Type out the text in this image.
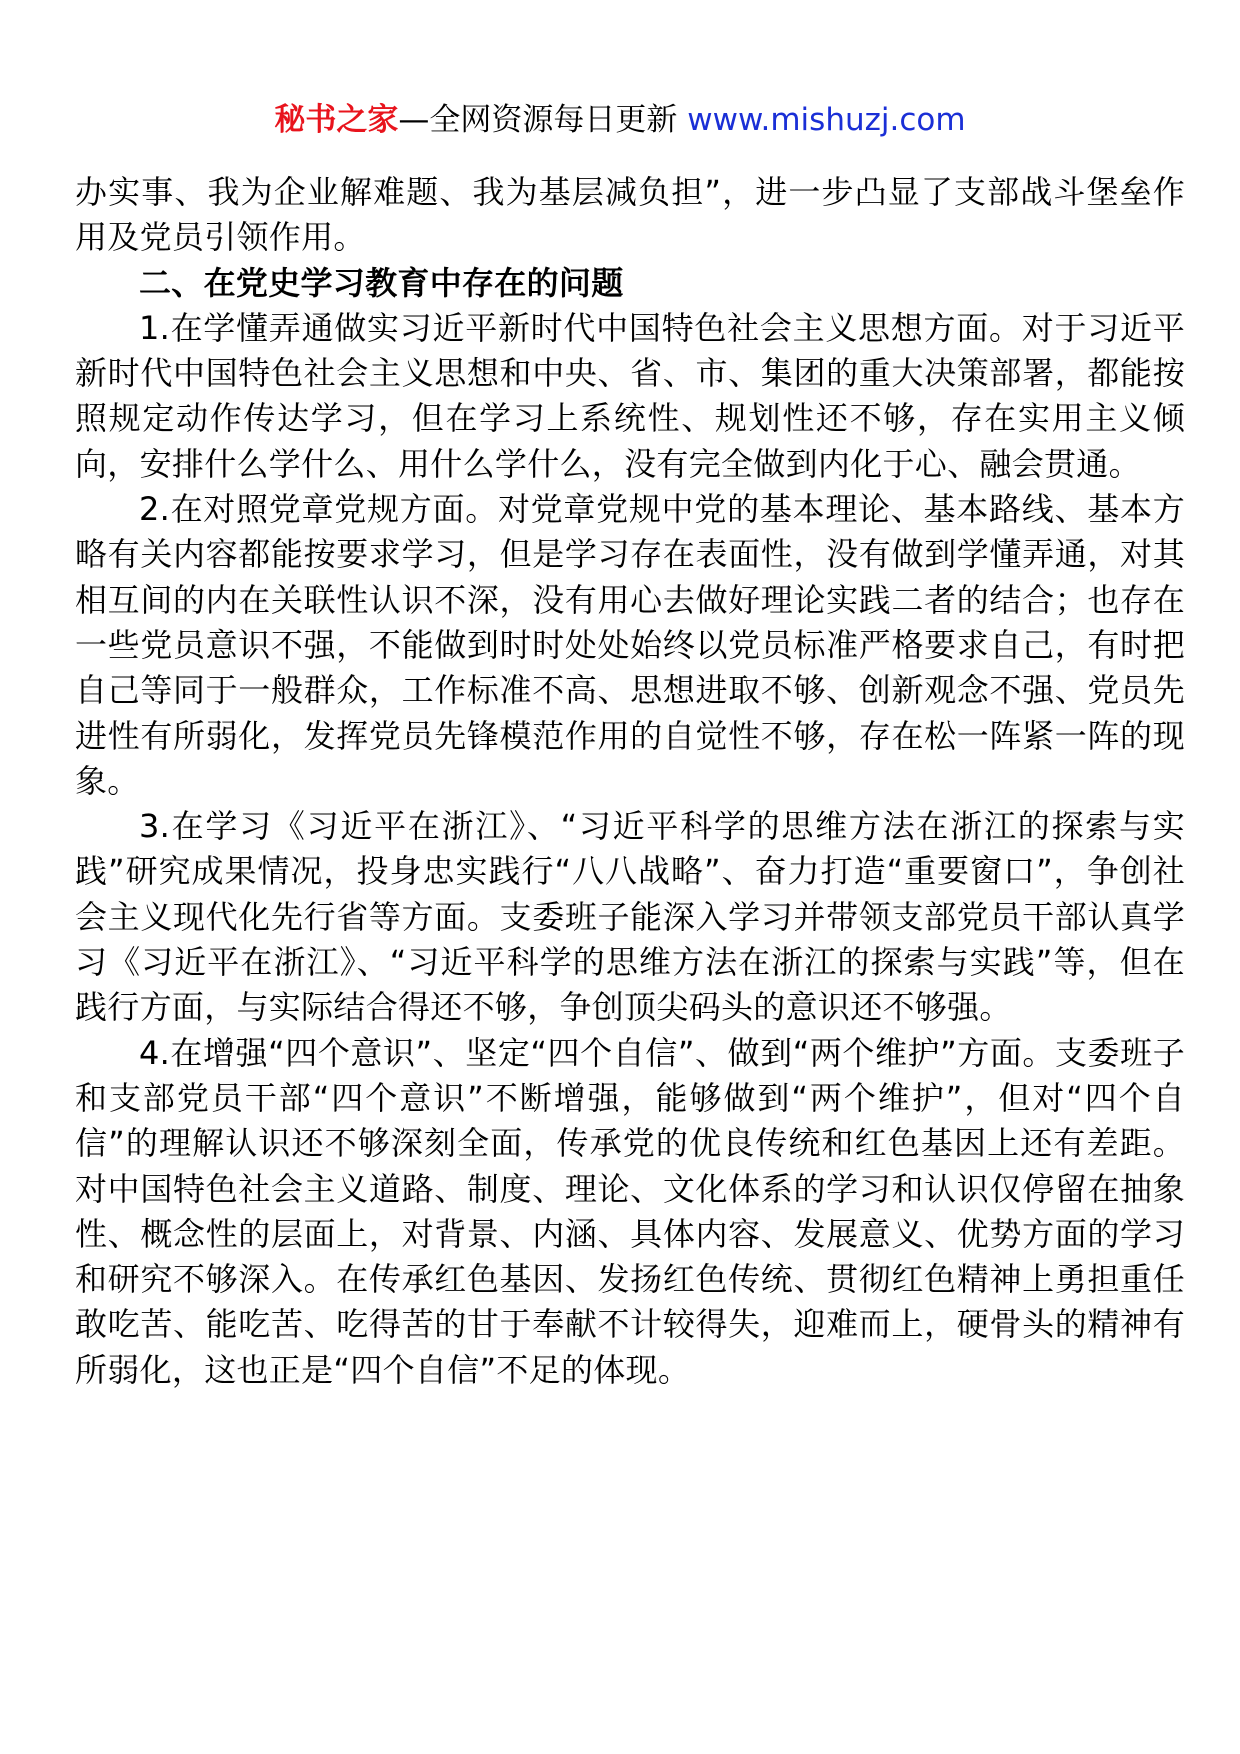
秘书之家—全网资源每日更新 www.mishuzj.com

办实事、我为企业解难题、我为基层减负担”，进一步凸显了支部战斗堡垒作用及党员引领作用。

二、在党史学习教育中存在的问题

1.在学懂弄通做实习近平新时代中国特色社会主义思想方面。对于习近平新时代中国特色社会主义思想和中央、省、市、集团的重大决策部署，都能按照规定动作传达学习，但在学习上系统性、规划性还不够，存在实用主义倾向，安排什么学什么、用什么学什么，没有完全做到内化于心、融会贯通。

2.在对照党章党规方面。对党章党规中党的基本理论、基本路线、基本方略有关内容都能按要求学习，但是学习存在表面性，没有做到学懂弄通，对其相互间的内在关联性认识不深，没有用心去做好理论实践二者的结合；也存在一些党员意识不强，不能做到时时处处始终以党员标准严格要求自己，有时把自己等同于一般群众，工作标准不高、思想进取不够、创新观念不强、党员先进性有所弱化，发挥党员先锋模范作用的自觉性不够，存在松一阵紧一阵的现象。

3.在学习《习近平在浙江》、“习近平科学的思维方法在浙江的探索与实践”研究成果情况，投身忠实践行“八八战略”、奋力打造“重要窗口”，争创社会主义现代化先行省等方面。支委班子能深入学习并带领支部党员干部认真学习《习近平在浙江》、“习近平科学的思维方法在浙江的探索与实践”等，但在践行方面，与实际结合得还不够，争创顶尖码头的意识还不够强。

4.在增强“四个意识”、坚定“四个自信”、做到“两个维护”方面。支委班子和支部党员干部“四个意识”不断增强，能够做到“两个维护”，但对“四个自信”的理解认识还不够深刻全面，传承党的优良传统和红色基因上还有差距。对中国特色社会主义道路、制度、理论、文化体系的学习和认识仅停留在抽象性、概念性的层面上，对背景、内涵、具体内容、发展意义、优势方面的学习和研究不够深入。在传承红色基因、发扬红色传统、贯彻红色精神上勇担重任敢吃苦、能吃苦、吃得苦的甘于奉献不计较得失，迎难而上，硬骨头的精神有所弱化，这也正是“四个自信”不足的体现。
